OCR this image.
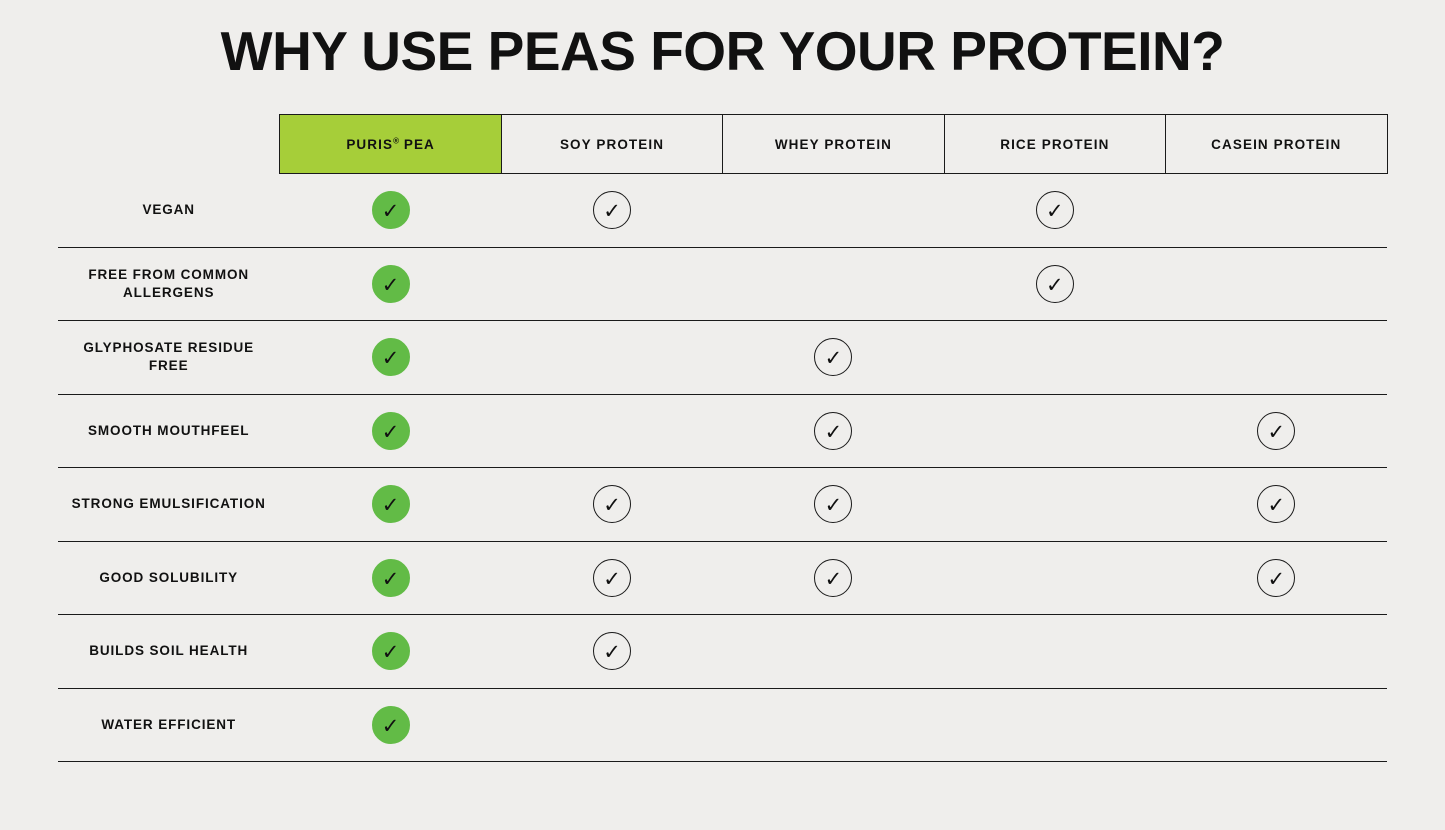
WHY USE PEAS FOR YOUR PROTEIN?
	PURIS® PEA	SOY PROTEIN	WHEY PROTEIN	RICE PROTEIN	CASEIN PROTEIN
VEGAN	✓	✓		✓	
FREE FROM COMMON ALLERGENS	✓			✓	
GLYPHOSATE RESIDUE FREE	✓		✓		
SMOOTH MOUTHFEEL	✓		✓		✓
STRONG EMULSIFICATION	✓	✓	✓		✓
GOOD SOLUBILITY	✓	✓	✓		✓
BUILDS SOIL HEALTH	✓	✓			
WATER EFFICIENT	✓				
